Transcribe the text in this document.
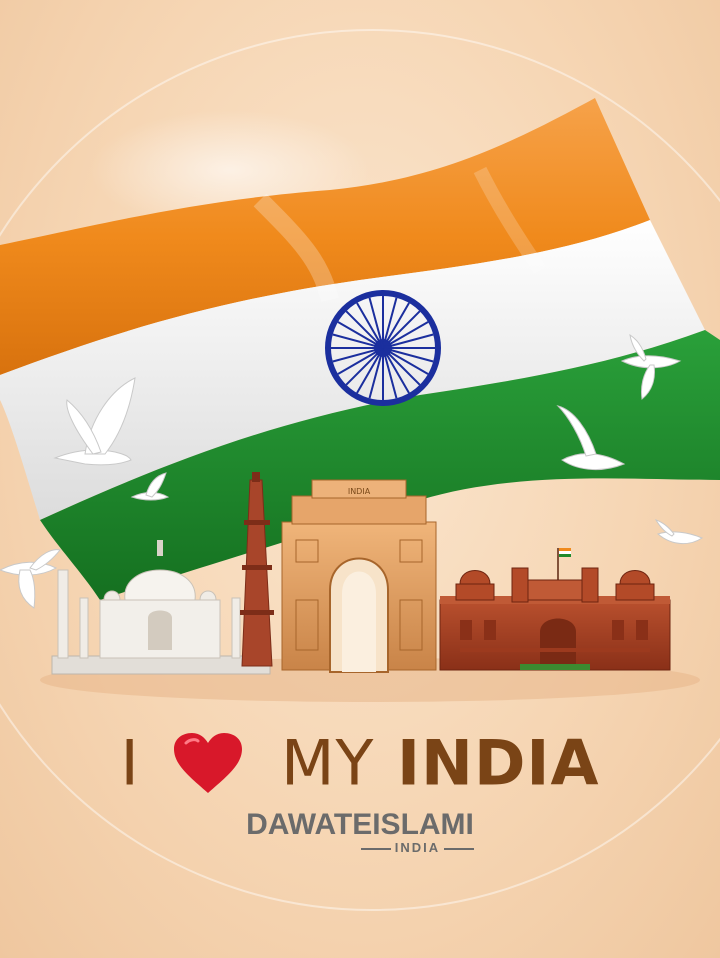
INDIA
I MY INDIA
DAWATEISLAMI
INDIA
